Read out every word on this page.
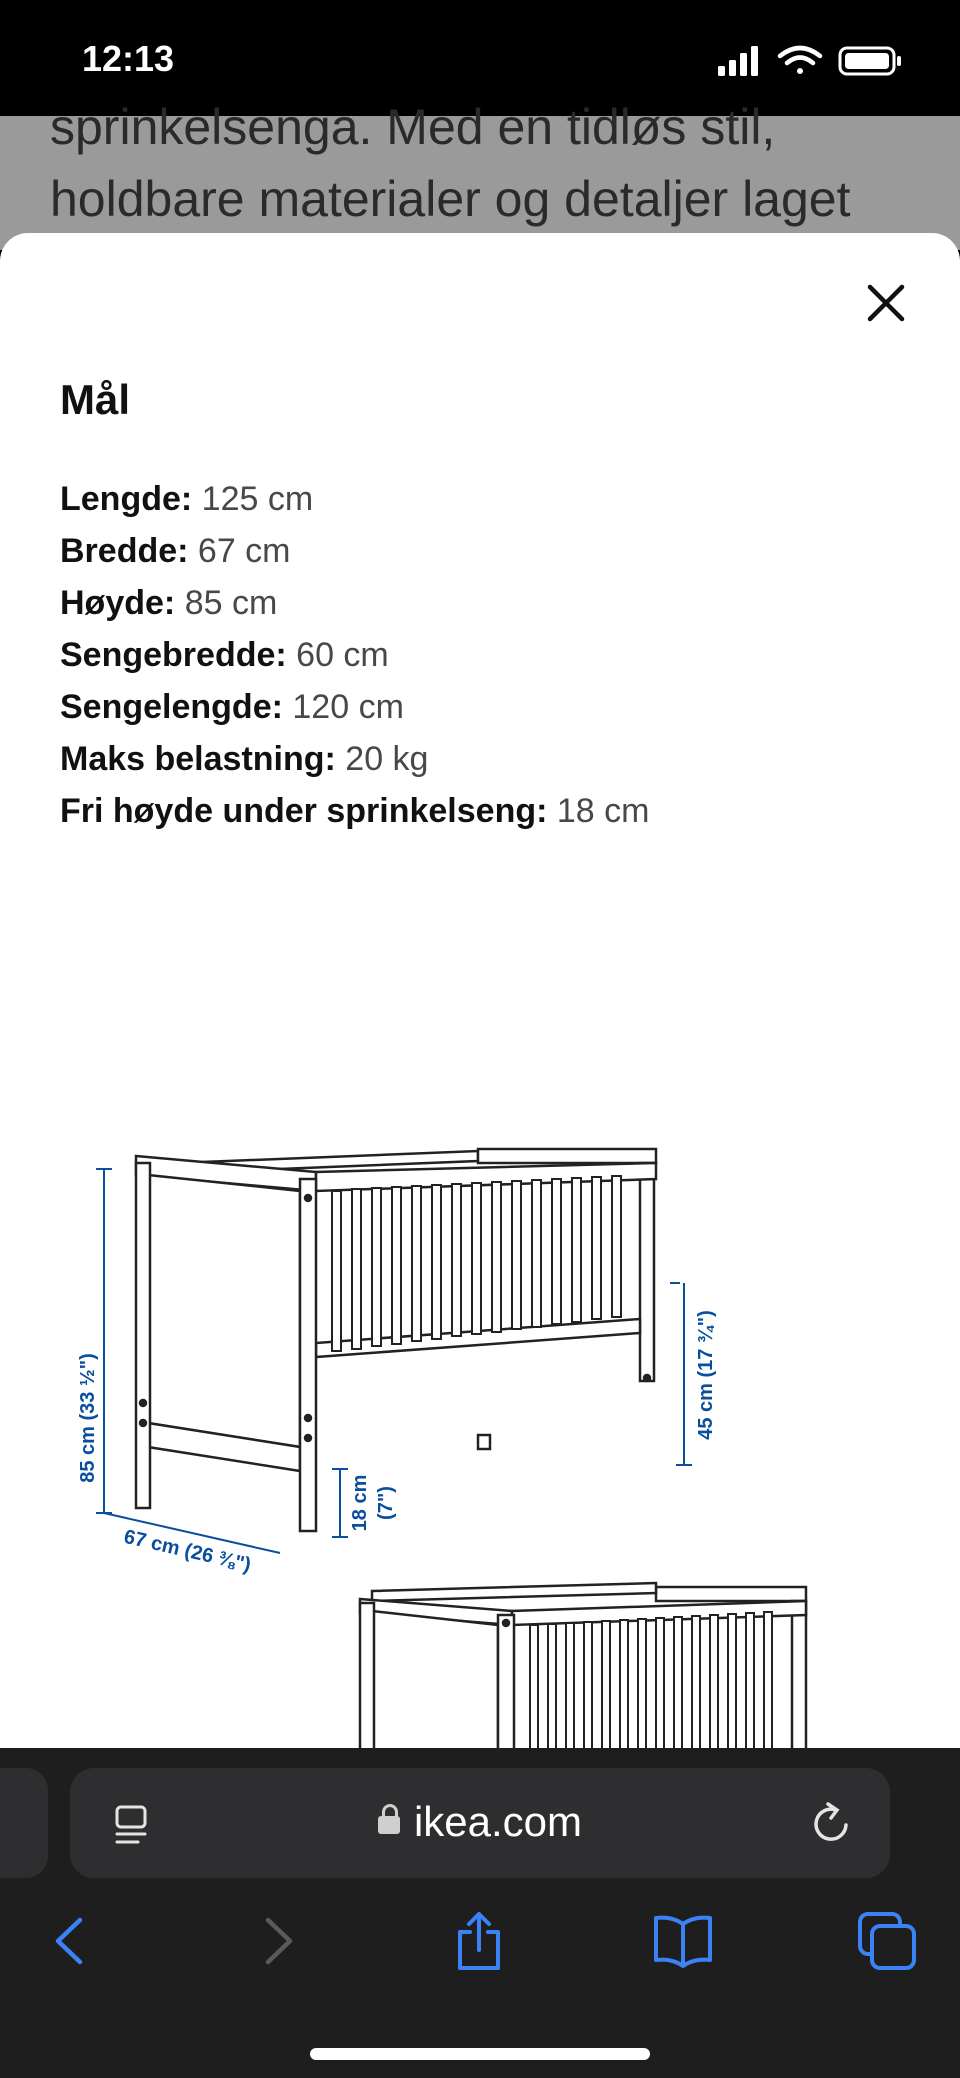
12:13
sprinkelsenga. Med en tidløs stil,
holdbare materialer og detaljer laget
Mål
Lengde: 125 cm
Bredde: 67 cm
Høyde: 85 cm
Sengebredde: 60 cm
Sengelengde: 120 cm
Maks belastning: 20 kg
Fri høyde under sprinkelseng: 18 cm
85 cm (33 ½")	45 cm (17 ¾")
18 cm (7")
67 cm (26 ⅜")
ikea.com
